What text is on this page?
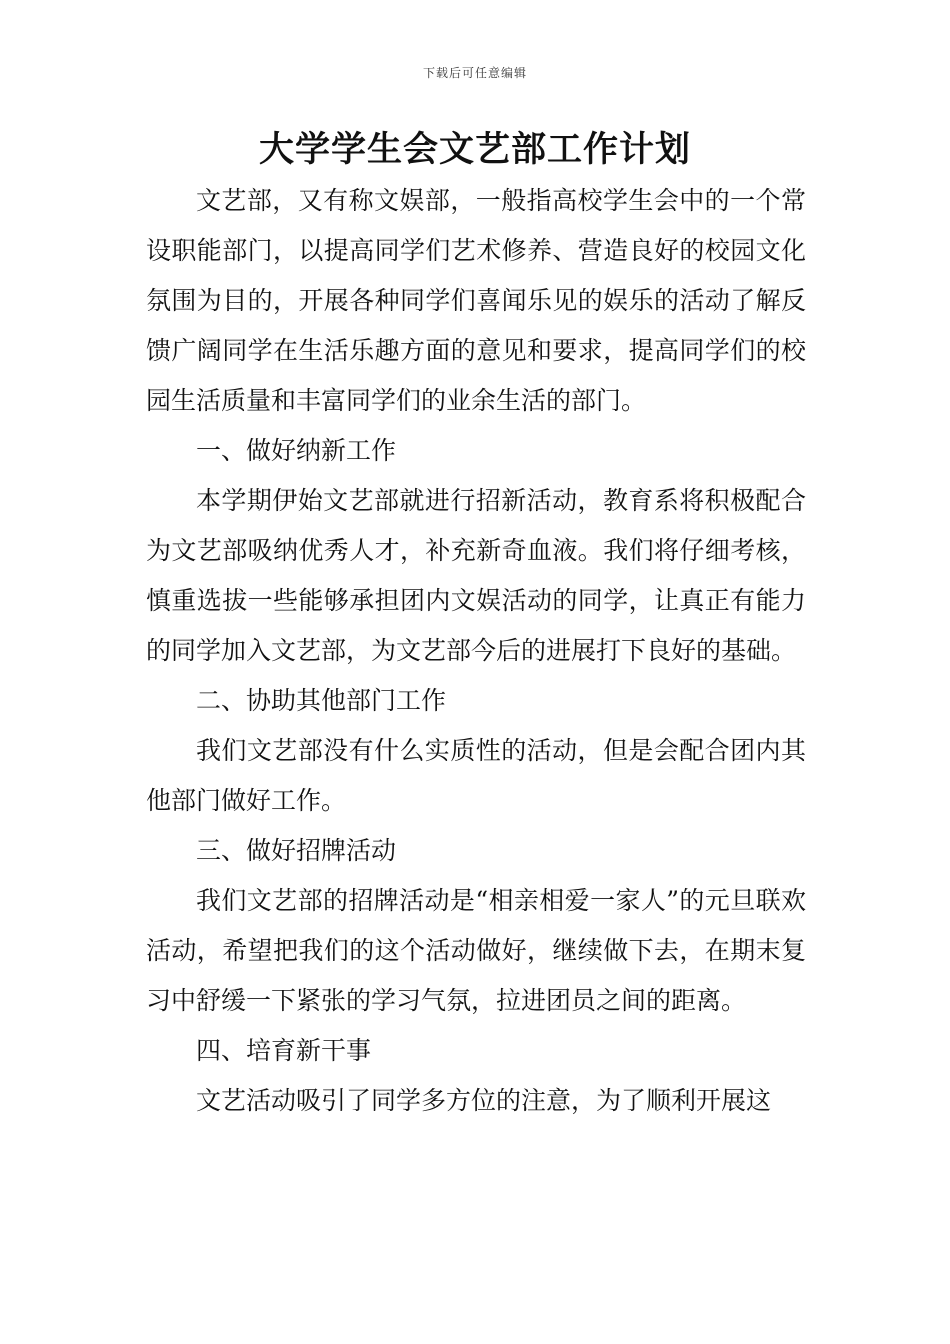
下载后可任意编辑
大学学生会文艺部工作计划

文艺部，又有称文娱部，一般指高校学生会中的一个常设职能部门，以提高同学们艺术修养、营造良好的校园文化氛围为目的，开展各种同学们喜闻乐见的娱乐的活动了解反馈广阔同学在生活乐趣方面的意见和要求，提高同学们的校园生活质量和丰富同学们的业余生活的部门。

一、做好纳新工作

本学期伊始文艺部就进行招新活动，教育系将积极配合为文艺部吸纳优秀人才，补充新奇血液。我们将仔细考核，慎重选拔一些能够承担团内文娱活动的同学，让真正有能力的同学加入文艺部，为文艺部今后的进展打下良好的基础。

二、协助其他部门工作

我们文艺部没有什么实质性的活动，但是会配合团内其他部门做好工作。

三、做好招牌活动

我们文艺部的招牌活动是“相亲相爱一家人”的元旦联欢活动，希望把我们的这个活动做好，继续做下去，在期末复习中舒缓一下紧张的学习气氛，拉进团员之间的距离。

四、培育新干事

文艺活动吸引了同学多方位的注意，为了顺利开展这
